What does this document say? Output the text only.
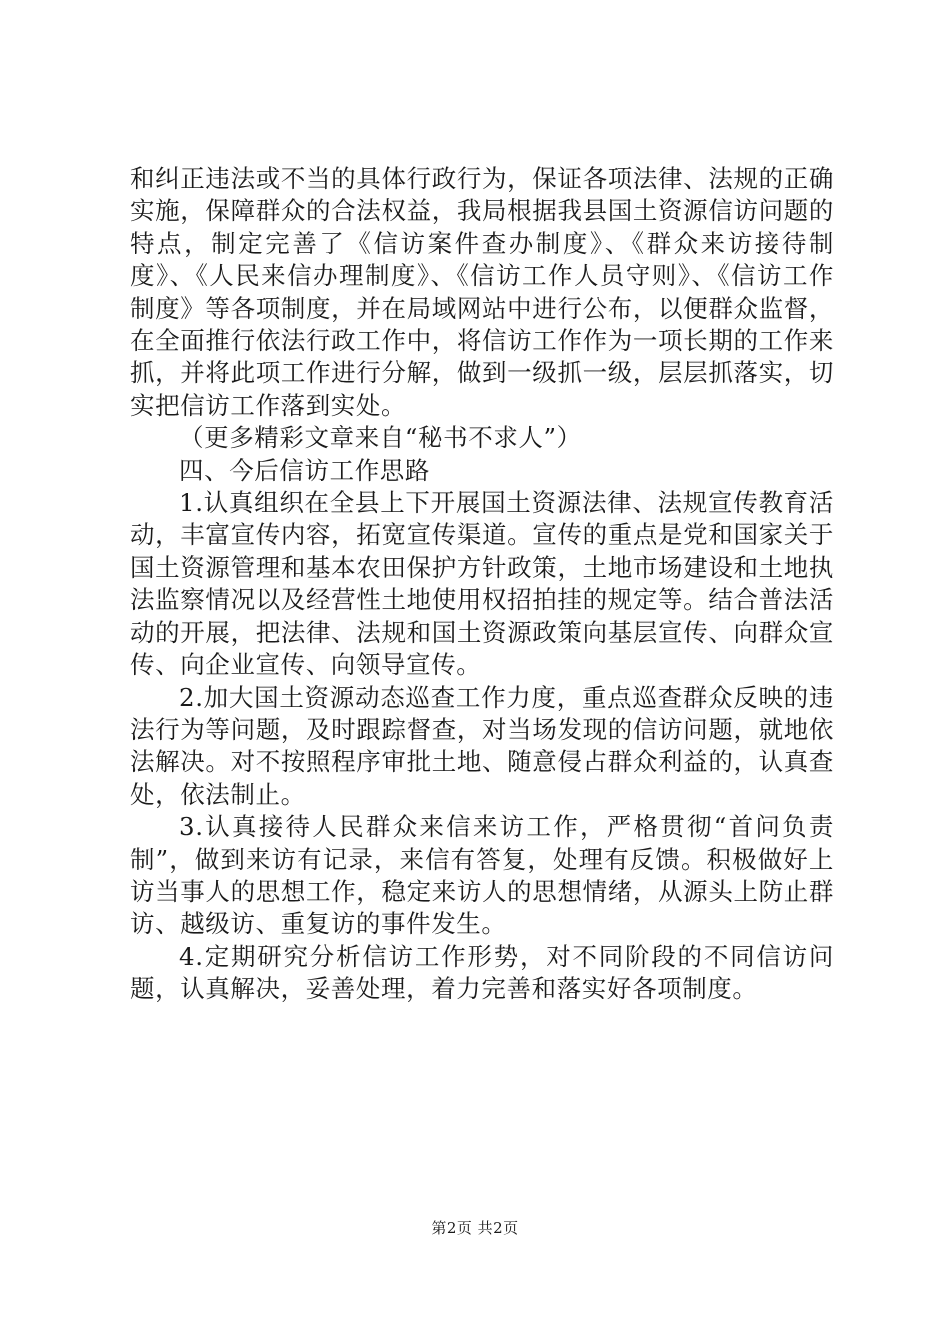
和纠正违法或不当的具体行政行为，保证各项法律、法规的正确实施，保障群众的合法权益，我局根据我县国土资源信访问题的特点，制定完善了《信访案件查办制度》、《群众来访接待制度》、《人民来信办理制度》、《信访工作人员守则》、《信访工作制度》等各项制度，并在局域网站中进行公布，以便群众监督，在全面推行依法行政工作中，将信访工作作为一项长期的工作来抓，并将此项工作进行分解，做到一级抓一级，层层抓落实，切实把信访工作落到实处。

（更多精彩文章来自“秘书不求人”）

四、今后信访工作思路

1.认真组织在全县上下开展国土资源法律、法规宣传教育活动，丰富宣传内容，拓宽宣传渠道。宣传的重点是党和国家关于国土资源管理和基本农田保护方针政策，土地市场建设和土地执法监察情况以及经营性土地使用权招拍挂的规定等。结合普法活动的开展，把法律、法规和国土资源政策向基层宣传、向群众宣传、向企业宣传、向领导宣传。

2.加大国土资源动态巡查工作力度，重点巡查群众反映的违法行为等问题，及时跟踪督查，对当场发现的信访问题，就地依法解决。对不按照程序审批土地、随意侵占群众利益的，认真查处，依法制止。

3.认真接待人民群众来信来访工作，严格贯彻“首问负责制”，做到来访有记录，来信有答复，处理有反馈。积极做好上访当事人的思想工作，稳定来访人的思想情绪，从源头上防止群访、越级访、重复访的事件发生。

4.定期研究分析信访工作形势，对不同阶段的不同信访问题，认真解决，妥善处理，着力完善和落实好各项制度。

第2页 共2页
